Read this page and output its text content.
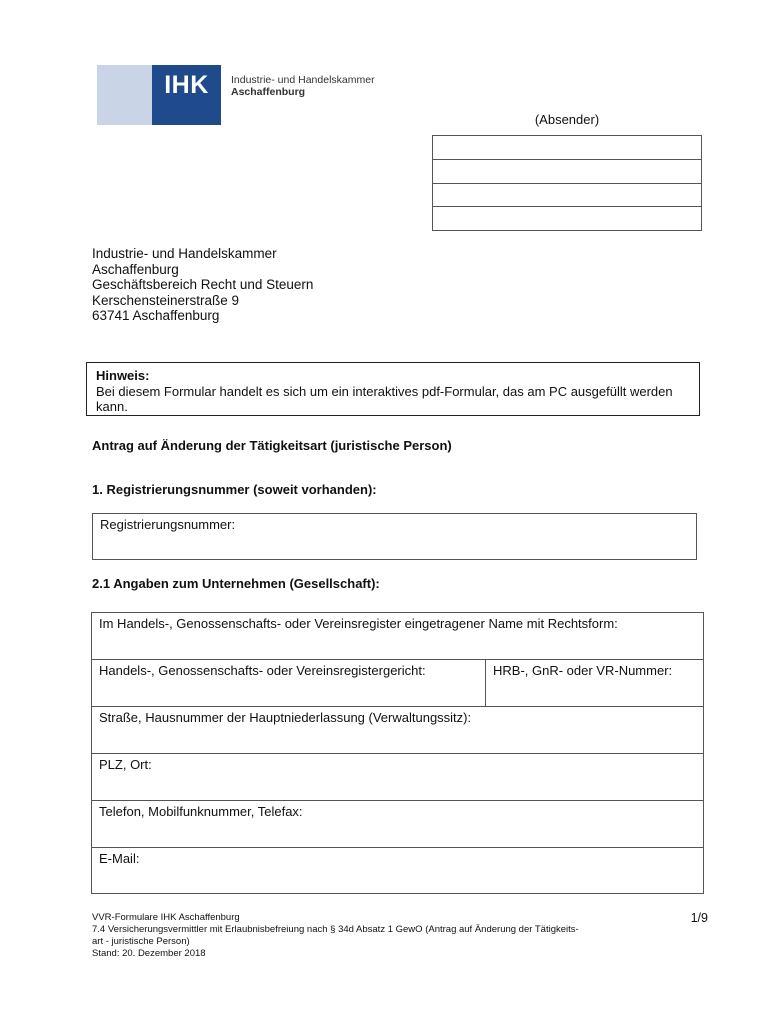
IHK	Industrie- und Handelskammer
Aschaffenburg
(Absender)
Industrie- und Handelskammer
Aschaffenburg
Geschäftsbereich Recht und Steuern
Kerschensteinerstraße 9
63741 Aschaffenburg
Hinweis:
Bei diesem Formular handelt es sich um ein interaktives pdf-Formular, das am PC ausgefüllt werden kann.
Antrag auf Änderung der Tätigkeitsart (juristische Person)
1. Registrierungsnummer (soweit vorhanden):
Registrierungsnummer:
2.1 Angaben zum Unternehmen (Gesellschaft):
Im Handels-, Genossenschafts- oder Vereinsregister eingetragener Name mit Rechtsform:
Handels-, Genossenschafts- oder Vereinsregistergericht:	HRB-, GnR- oder VR-Nummer:
Straße, Hausnummer der Hauptniederlassung (Verwaltungssitz):
PLZ, Ort:
Telefon, Mobilfunknummer, Telefax:
E-Mail:
VVR-Formulare IHK Aschaffenburg	1/9
7.4 Versicherungsvermittler mit Erlaubnisbefreiung nach § 34d Absatz 1 GewO (Antrag auf Änderung der Tätigkeits-
art - juristische Person)
Stand: 20. Dezember 2018
